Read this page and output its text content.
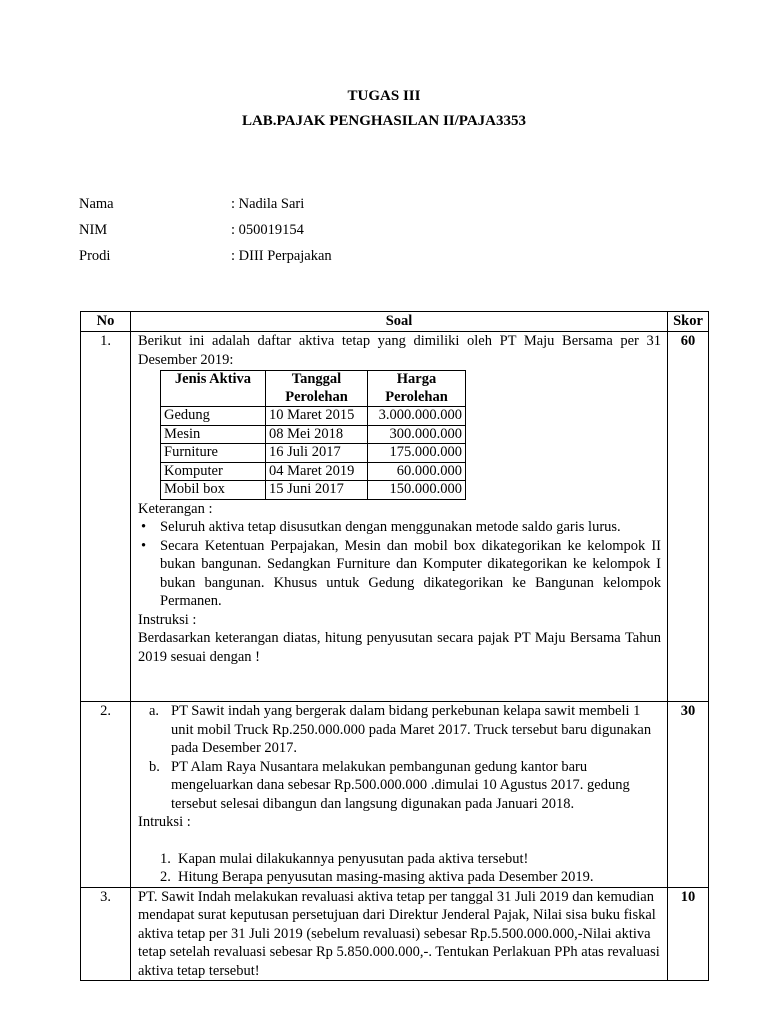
TUGAS III
LAB.PAJAK PENGHASILAN II/PAJA3353
Nama	: Nadila Sari
NIM	: 050019154
Prodi	: DIII Perpajakan
No	Soal	Skor
1.	Berikut ini adalah daftar aktiva tetap yang dimiliki oleh PT Maju Bersama per 31 Desember 2019:
Jenis Aktiva	Tanggal Perolehan	Harga Perolehan
Gedung	10 Maret 2015	3.000.000.000
Mesin	08 Mei 2018	300.000.000
Furniture	16 Juli 2017	175.000.000
Komputer	04 Maret 2019	60.000.000
Mobil box	15 Juni 2017	150.000.000
Keterangan :
• Seluruh aktiva tetap disusutkan dengan menggunakan metode saldo garis lurus.
• Secara Ketentuan Perpajakan, Mesin dan mobil box dikategorikan ke kelompok II bukan bangunan. Sedangkan Furniture dan Komputer dikategorikan ke kelompok I bukan bangunan. Khusus untuk Gedung dikategorikan ke Bangunan kelompok Permanen.
Instruksi :
Berdasarkan keterangan diatas, hitung penyusutan secara pajak PT Maju Bersama Tahun 2019 sesuai dengan !
	60
2.	a. PT Sawit indah yang bergerak dalam bidang perkebunan kelapa sawit membeli 1 unit mobil Truck Rp.250.000.000 pada Maret 2017. Truck tersebut baru digunakan pada Desember 2017.
b. PT Alam Raya Nusantara melakukan pembangunan gedung kantor baru mengeluarkan dana sebesar Rp.500.000.000 .dimulai 10 Agustus 2017. gedung tersebut selesai dibangun dan langsung digunakan pada Januari 2018.
Intruksi :
1. Kapan mulai dilakukannya penyusutan pada aktiva tersebut!
2. Hitung Berapa penyusutan masing-masing aktiva pada Desember 2019.
	30
3.	PT. Sawit Indah melakukan revaluasi aktiva tetap per tanggal 31 Juli 2019 dan kemudian mendapat surat keputusan persetujuan dari Direktur Jenderal Pajak, Nilai sisa buku fiskal aktiva tetap per 31 Juli 2019 (sebelum revaluasi) sebesar Rp.5.500.000.000,-Nilai aktiva tetap setelah revaluasi sebesar Rp 5.850.000.000,-. Tentukan Perlakuan PPh atas revaluasi aktiva tetap tersebut!
	10
